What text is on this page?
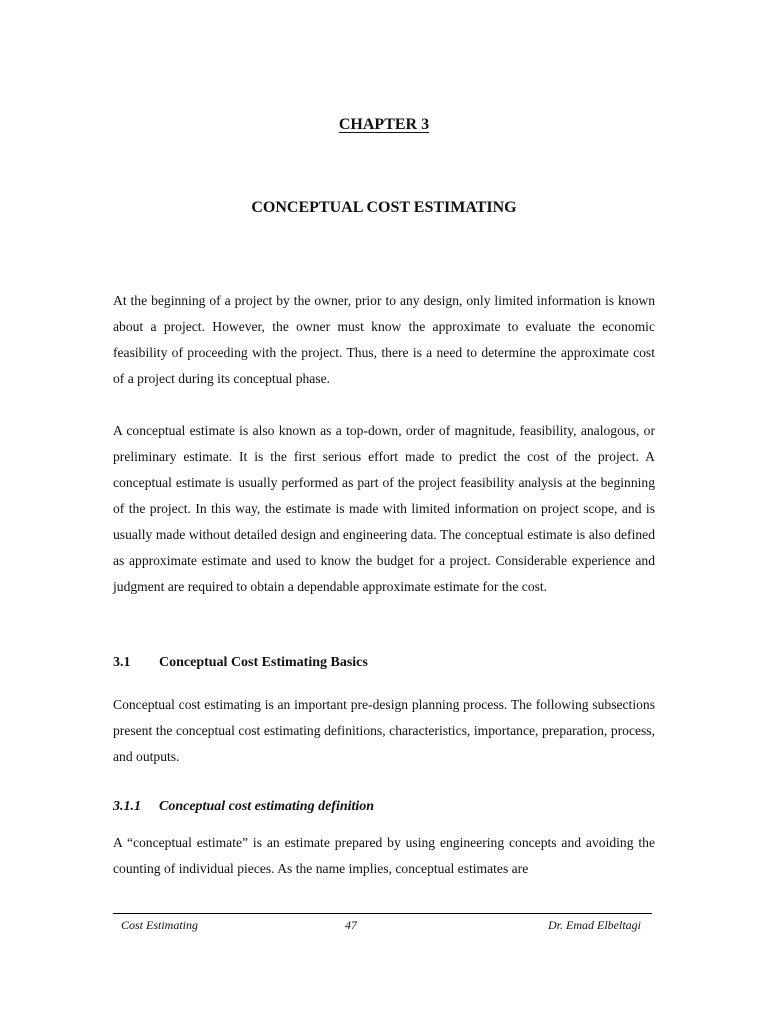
CHAPTER 3
CONCEPTUAL COST ESTIMATING

At the beginning of a project by the owner, prior to any design, only limited information is known about a project. However, the owner must know the approximate to evaluate the economic feasibility of proceeding with the project. Thus, there is a need to determine the approximate cost of a project during its conceptual phase.

A conceptual estimate is also known as a top-down, order of magnitude, feasibility, analogous, or preliminary estimate. It is the first serious effort made to predict the cost of the project. A conceptual estimate is usually performed as part of the project feasibility analysis at the beginning of the project. In this way, the estimate is made with limited information on project scope, and is usually made without detailed design and engineering data. The conceptual estimate is also defined as approximate estimate and used to know the budget for a project. Considerable experience and judgment are required to obtain a dependable approximate estimate for the cost.

3.1 Conceptual Cost Estimating Basics

Conceptual cost estimating is an important pre-design planning process. The following subsections present the conceptual cost estimating definitions, characteristics, importance, preparation, process, and outputs.

3.1.1 Conceptual cost estimating definition

A “conceptual estimate” is an estimate prepared by using engineering concepts and avoiding the counting of individual pieces. As the name implies, conceptual estimates are

Cost Estimating	47	Dr. Emad Elbeltagi
